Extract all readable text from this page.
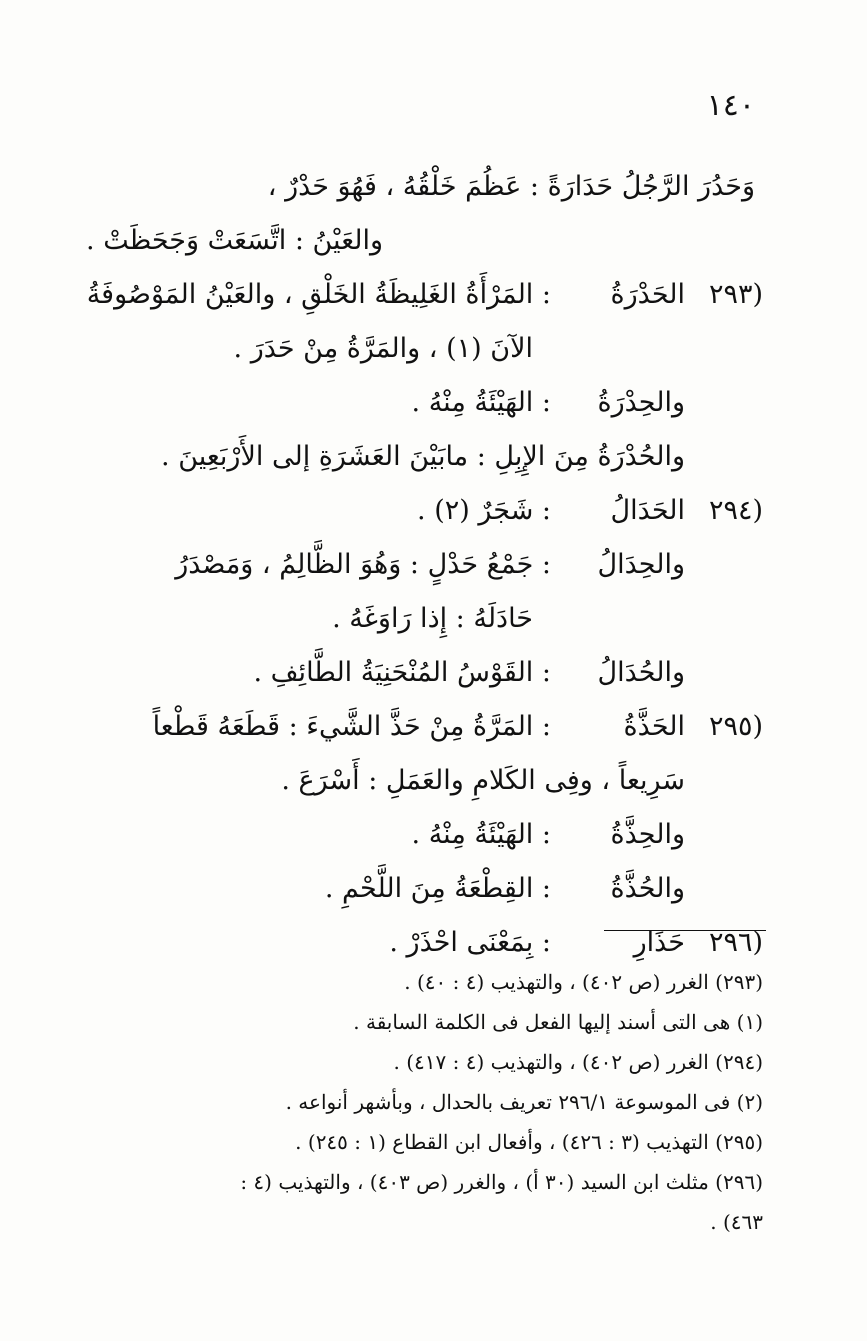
١٤٠
وَحَدُرَ الرَّجُلُ حَدَارَةً : عَظُمَ خَلْقُهُ ، فَهُوَ حَدْرٌ ،
والعَيْنُ : اتَّسَعَتْ وَجَحَظَتْ .
(٢٩٣
الحَدْرَةُ
: المَرْأَةُ الغَلِيظَةُ الخَلْقِ ، والعَيْنُ المَوْصُوفَةُ
الآنَ (١) ، والمَرَّةُ مِنْ حَدَرَ .
والحِدْرَةُ
: الهَيْئَةُ مِنْهُ .
والحُدْرَةُ مِنَ الإِبِلِ : مابَيْنَ العَشَرَةِ إلى الأَرْبَعِينَ .
(٢٩٤
الحَدَالُ
: شَجَرٌ (٢) .
والحِدَالُ
: جَمْعُ حَدْلٍ : وَهُوَ الظَّالِمُ ، وَمَصْدَرُ
حَادَلَهُ : إِذا رَاوَغَهُ .
والحُدَالُ
: القَوْسُ المُنْحَنِيَةُ الطَّائِفِ .
(٢٩٥
الحَذَّةُ
: المَرَّةُ مِنْ حَذَّ الشَّيءَ : قَطَعَهُ قَطْعاً
سَرِيعاً ، وفِى الكَلامِ والعَمَلِ : أَسْرَعَ .
والحِذَّةُ
: الهَيْئَةُ مِنْهُ .
والحُذَّةُ
: القِطْعَةُ مِنَ اللَّحْمِ .
(٢٩٦
حَذَارِ
: بِمَعْنَى احْذَرْ .
(٢٩٣) الغرر (ص ٤٠٢) ، والتهذيب (٤ : ٤٠) .
(١) هى التى أسند إليها الفعل فى الكلمة السابقة .
(٢٩٤) الغرر (ص ٤٠٢) ، والتهذيب (٤ : ٤١٧) .
(٢) فى الموسوعة ٢٩٦/١ تعريف بالحدال ، وبأشهر أنواعه .
(٢٩٥) التهذيب (٣ : ٤٢٦) ، وأفعال ابن القطاع (١ : ٢٤٥) .
(٢٩٦) مثلث ابن السيد (٣٠ أ) ، والغرر (ص ٤٠٣) ، والتهذيب (٤ :
٤٦٣) .
